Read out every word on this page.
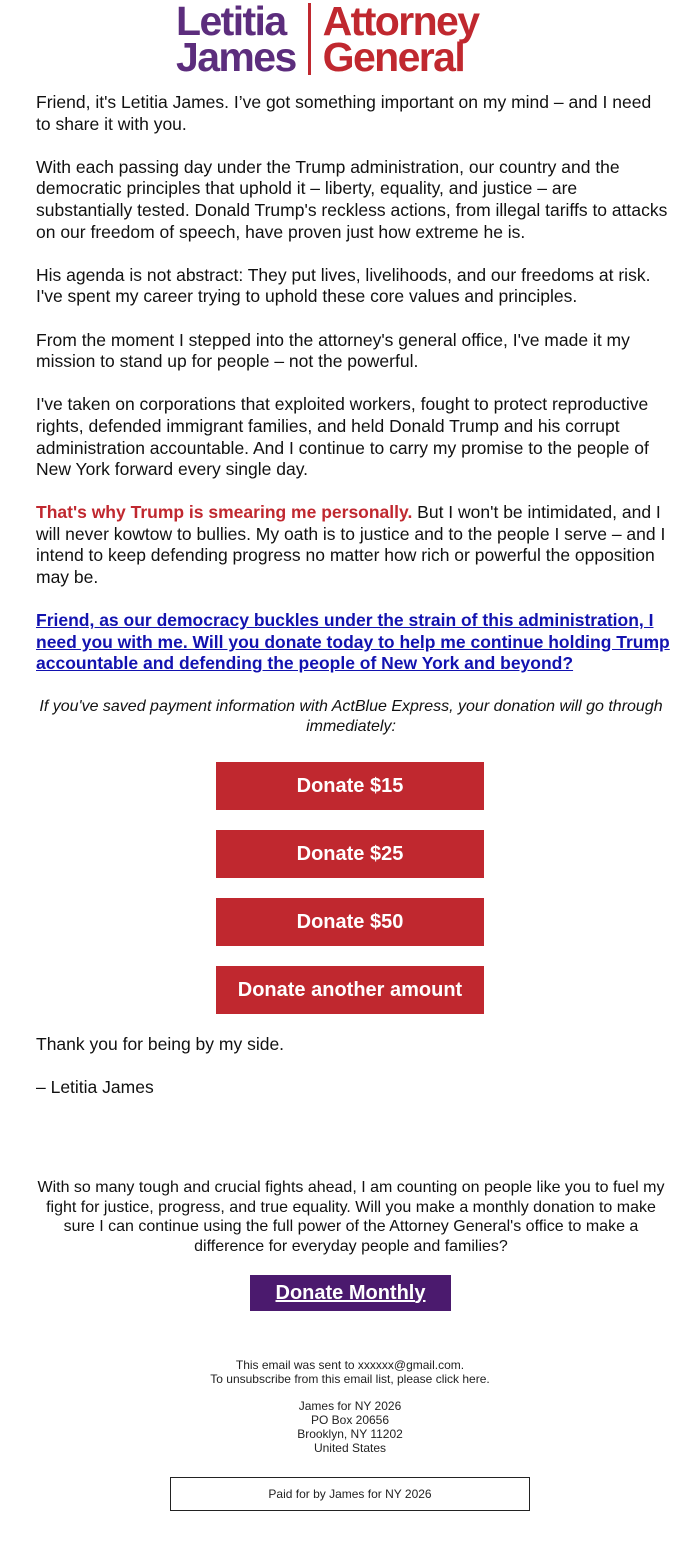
Letitia
James
Attorney
General

Friend, it's Letitia James. I’ve got something important on my mind – and I need to share it with you.

With each passing day under the Trump administration, our country and the democratic principles that uphold it – liberty, equality, and justice – are substantially tested. Donald Trump's reckless actions, from illegal tariffs to attacks on our freedom of speech, have proven just how extreme he is.

His agenda is not abstract: They put lives, livelihoods, and our freedoms at risk. I've spent my career trying to uphold these core values and principles.

From the moment I stepped into the attorney's general office, I've made it my mission to stand up for people – not the powerful.

I've taken on corporations that exploited workers, fought to protect reproductive rights, defended immigrant families, and held Donald Trump and his corrupt administration accountable. And I continue to carry my promise to the people of New York forward every single day.

That's why Trump is smearing me personally. But I won't be intimidated, and I will never kowtow to bullies. My oath is to justice and to the people I serve – and I intend to keep defending progress no matter how rich or powerful the opposition may be.

Friend, as our democracy buckles under the strain of this administration, I need you with me. Will you donate today to help me continue holding Trump accountable and defending the people of New York and beyond?

If you've saved payment information with ActBlue Express, your donation will go through immediately:
Donate $15
Donate $25
Donate $50
Donate another amount
Thank you for being by my side.
– Letitia James
With so many tough and crucial fights ahead, I am counting on people like you to fuel my fight for justice, progress, and true equality. Will you make a monthly donation to make sure I can continue using the full power of the Attorney General's office to make a difference for everyday people and families?
Donate Monthly
This email was sent to xxxxxx@gmail.com.
To unsubscribe from this email list, please click here.
James for NY 2026
PO Box 20656
Brooklyn, NY 11202
United States
Paid for by James for NY 2026
